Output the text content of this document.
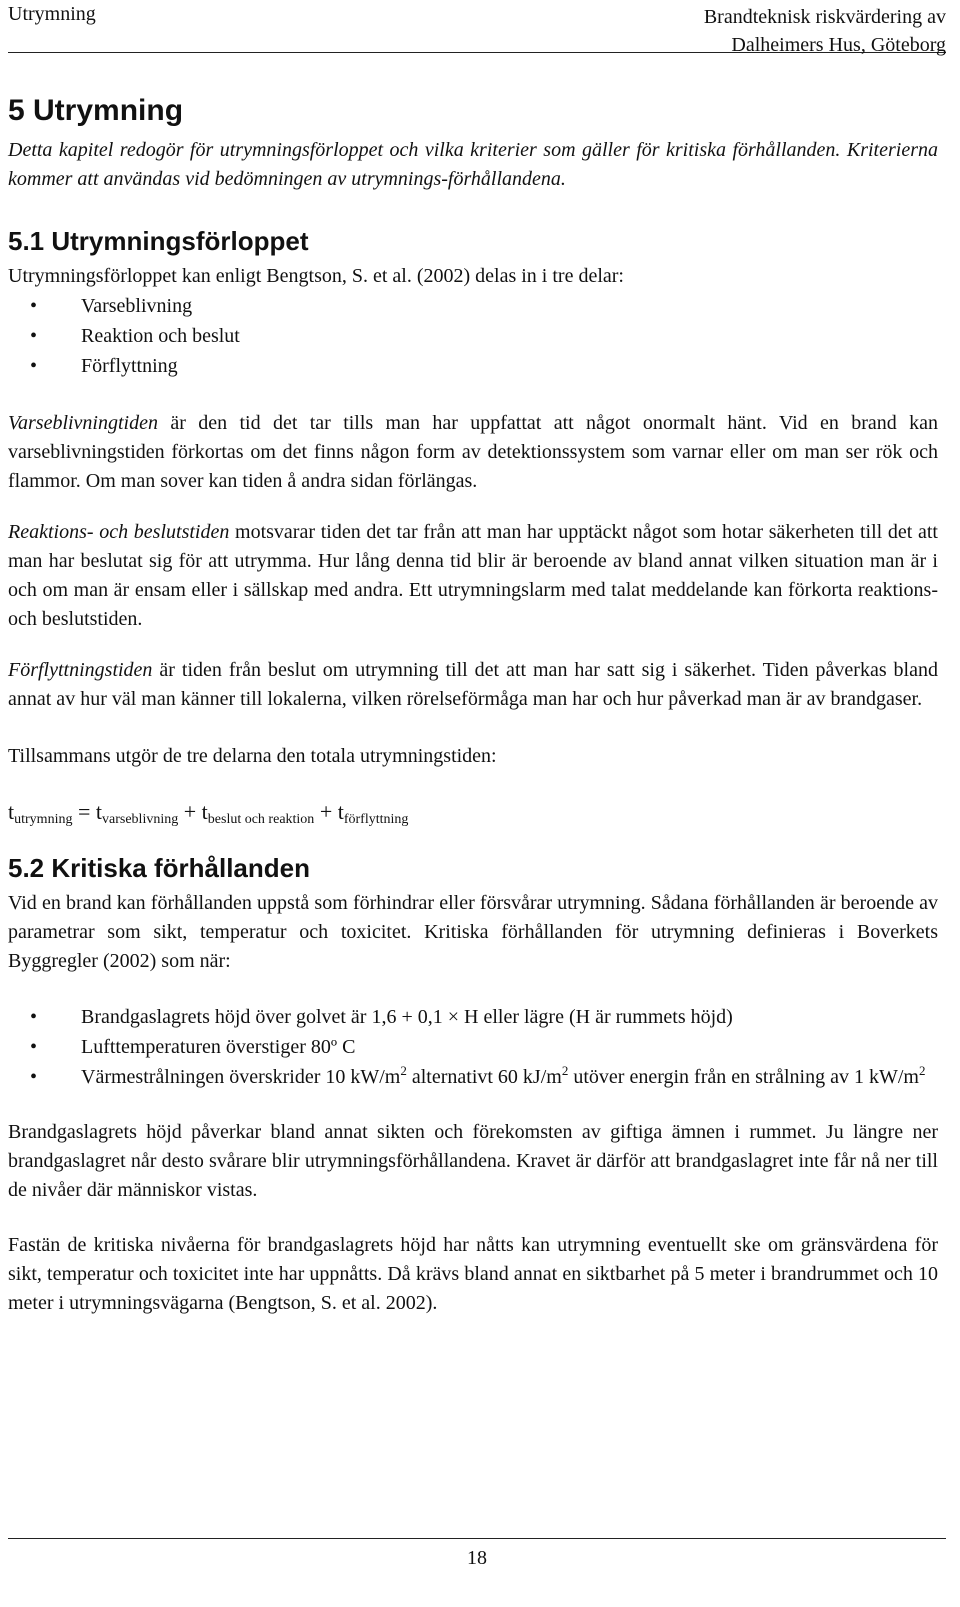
Utrymning	Brandteknisk riskvärdering av
Dalheimers Hus, Göteborg
5 Utrymning

Detta kapitel redogör för utrymningsförloppet och vilka kriterier som gäller för kritiska förhållanden. Kriterierna kommer att användas vid bedömningen av utrymnings-förhållandena.

5.1 Utrymningsförloppet

Utrymningsförloppet kan enligt Bengtson, S. et al. (2002) delas in i tre delar:

• Varseblivning
• Reaktion och beslut
• Förflyttning

Varseblivningtiden är den tid det tar tills man har uppfattat att något onormalt hänt. Vid en brand kan varseblivningstiden förkortas om det finns någon form av detektionssystem som varnar eller om man ser rök och flammor. Om man sover kan tiden å andra sidan förlängas.

Reaktions- och beslutstiden motsvarar tiden det tar från att man har upptäckt något som hotar säkerheten till det att man har beslutat sig för att utrymma. Hur lång denna tid blir är beroende av bland annat vilken situation man är i och om man är ensam eller i sällskap med andra. Ett utrymningslarm med talat meddelande kan förkorta reaktions- och beslutstiden.

Förflyttningstiden är tiden från beslut om utrymning till det att man har satt sig i säkerhet. Tiden påverkas bland annat av hur väl man känner till lokalerna, vilken rörelseförmåga man har och hur påverkad man är av brandgaser.

Tillsammans utgör de tre delarna den totala utrymningstiden:

$t_{utrymning} = t_{varseblivning} + t_{beslut och reaktion} + t_{förflyttning}$

5.2 Kritiska förhållanden

Vid en brand kan förhållanden uppstå som förhindrar eller försvårar utrymning. Sådana förhållanden är beroende av parametrar som sikt, temperatur och toxicitet. Kritiska förhållanden för utrymning definieras i Boverkets Byggregler (2002) som när:

• Brandgaslagrets höjd över golvet är 1,6 + 0,1 × H eller lägre (H är rummets höjd)
• Lufttemperaturen överstiger 80º C
• Värmestrålningen överskrider 10 $kW/m^2$ alternativt 60 $kJ/m^2$ utöver energin från en strålning av 1 $kW/m^2$

Brandgaslagrets höjd påverkar bland annat sikten och förekomsten av giftiga ämnen i rummet. Ju längre ner brandgaslagret når desto svårare blir utrymningsförhållandena. Kravet är därför att brandgaslagret inte får nå ner till de nivåer där människor vistas.

Fastän de kritiska nivåerna för brandgaslagrets höjd har nåtts kan utrymning eventuellt ske om gränsvärdena för sikt, temperatur och toxicitet inte har uppnåtts. Då krävs bland annat en siktbarhet på 5 meter i brandrummet och 10 meter i utrymningsvägarna (Bengtson, S. et al. 2002).

18
